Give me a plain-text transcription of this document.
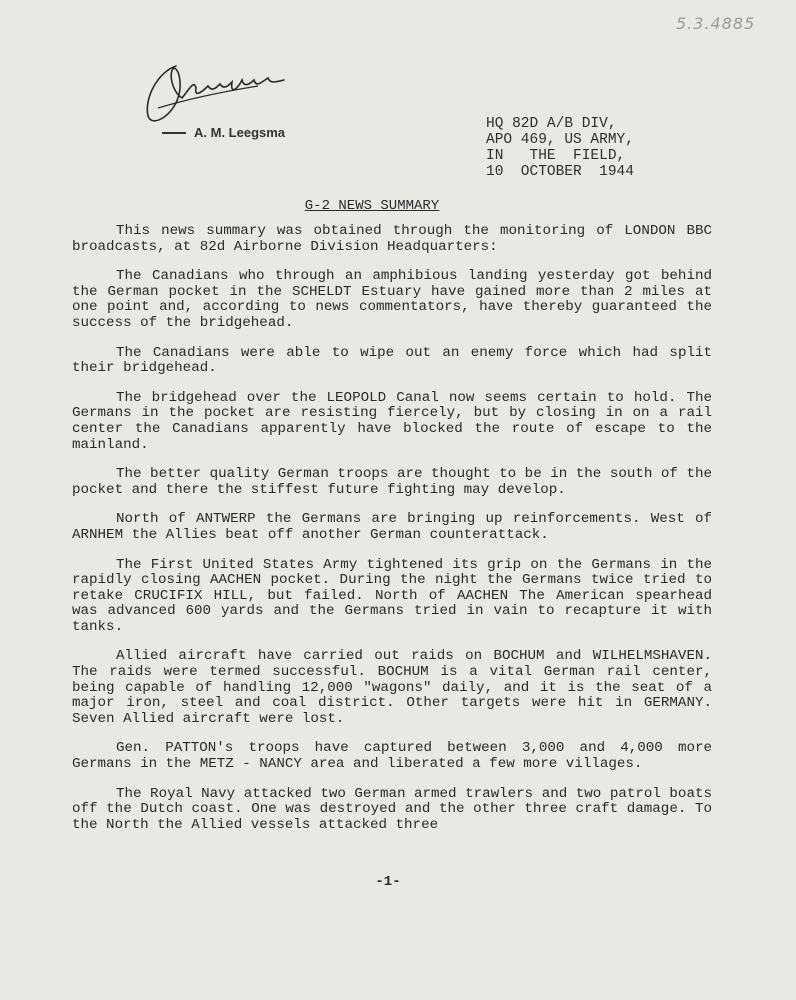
5.3.4885
A. M. Leegsma
HQ 82D A/B DIV,
APO 469, US ARMY,
IN   THE  FIELD,
10  OCTOBER  1944
G-2 NEWS SUMMARY

This news summary was obtained through the monitoring of LONDON BBC broadcasts, at 82d Airborne Division Headquarters:

The Canadians who through an amphibious landing yesterday got behind the German pocket in the SCHELDT Estuary have gained more than 2 miles at one point and, according to news commentators, have thereby guaranteed the success of the bridgehead.

The Canadians were able to wipe out an enemy force which had split their bridgehead.

The bridgehead over the LEOPOLD Canal now seems certain to hold. The Germans in the pocket are resisting fiercely, but by closing in on a rail center the Canadians apparently have blocked the route of escape to the mainland.

The better quality German troops are thought to be in the south of the pocket and there the stiffest future fighting may develop.

North of ANTWERP the Germans are bringing up reinforcements. West of ARNHEM the Allies beat off another German counterattack.

The First United States Army tightened its grip on the Germans in the rapidly closing AACHEN pocket. During the night the Germans twice tried to retake CRUCIFIX HILL, but failed. North of AACHEN The American spearhead was advanced 600 yards and the Germans tried in vain to recapture it with tanks.

Allied aircraft have carried out raids on BOCHUM and WILHELMSHAVEN. The raids were termed successful. BOCHUM is a vital German rail center, being capable of handling 12,000 "wagons" daily, and it is the seat of a major iron, steel and coal district. Other targets were hit in GERMANY. Seven Allied aircraft were lost.

Gen. PATTON's troops have captured between 3,000 and 4,000 more Germans in the METZ - NANCY area and liberated a few more villages.

The Royal Navy attacked two German armed trawlers and two patrol boats off the Dutch coast. One was destroyed and the other three craft damage. To the North the Allied vessels attacked three

-1-
